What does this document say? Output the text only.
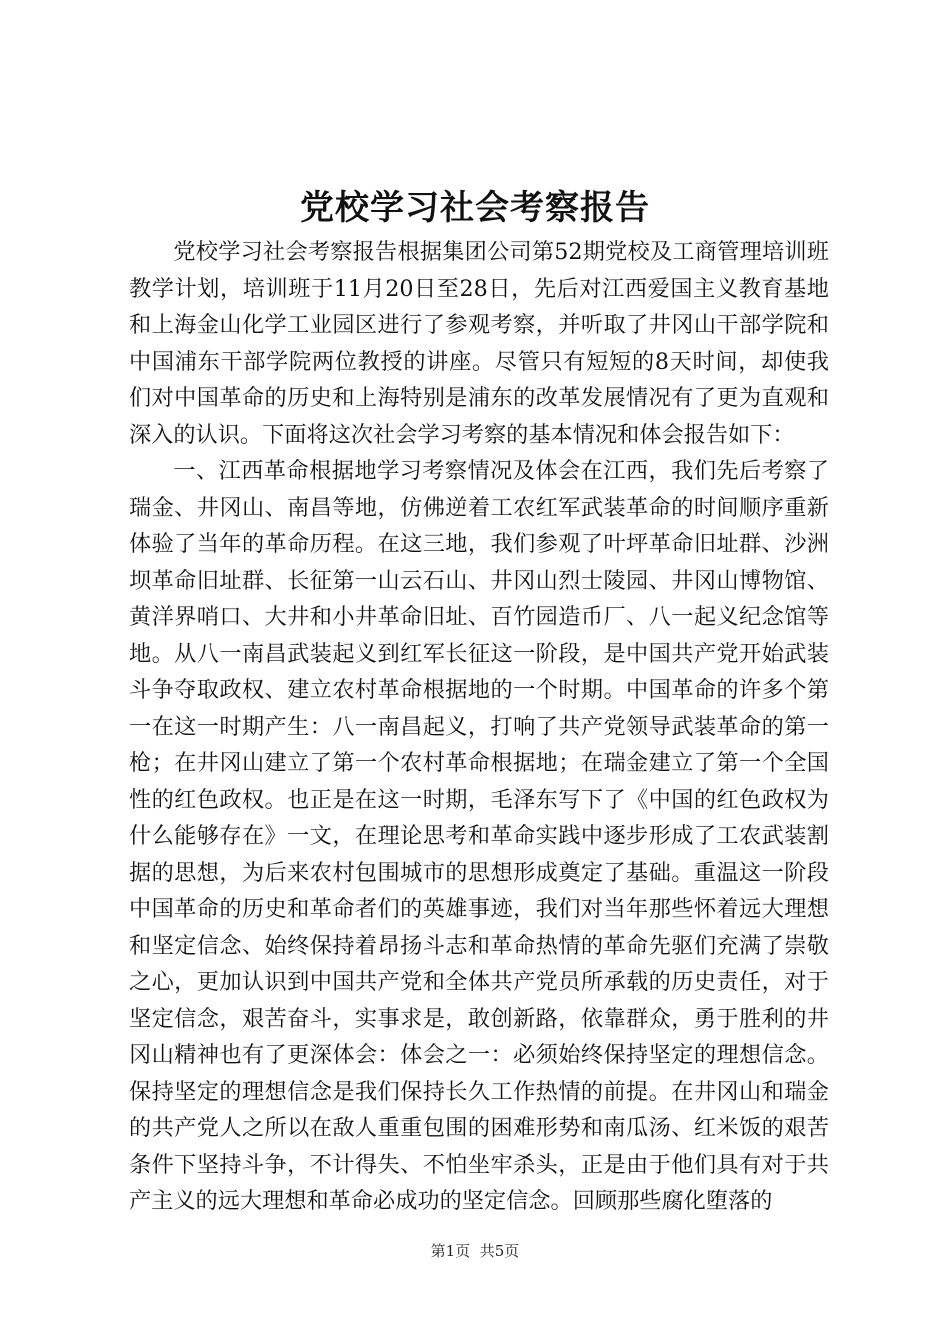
党校学习社会考察报告

党校学习社会考察报告根据集团公司第52期党校及工商管理培训班教学计划，培训班于11月20日至28日，先后对江西爱国主义教育基地和上海金山化学工业园区进行了参观考察，并听取了井冈山干部学院和中国浦东干部学院两位教授的讲座。尽管只有短短的8天时间，却使我们对中国革命的历史和上海特别是浦东的改革发展情况有了更为直观和深入的认识。下面将这次社会学习考察的基本情况和体会报告如下：

一、江西革命根据地学习考察情况及体会在江西，我们先后考察了瑞金、井冈山、南昌等地，仿佛逆着工农红军武装革命的时间顺序重新体验了当年的革命历程。在这三地，我们参观了叶坪革命旧址群、沙洲坝革命旧址群、长征第一山云石山、井冈山烈士陵园、井冈山博物馆、黄洋界哨口、大井和小井革命旧址、百竹园造币厂、八一起义纪念馆等地。从八一南昌武装起义到红军长征这一阶段，是中国共产党开始武装斗争夺取政权、建立农村革命根据地的一个时期。中国革命的许多个第一在这一时期产生：八一南昌起义，打响了共产党领导武装革命的第一枪；在井冈山建立了第一个农村革命根据地；在瑞金建立了第一个全国性的红色政权。也正是在这一时期，毛泽东写下了《中国的红色政权为什么能够存在》一文，在理论思考和革命实践中逐步形成了工农武装割据的思想，为后来农村包围城市的思想形成奠定了基础。重温这一阶段中国革命的历史和革命者们的英雄事迹，我们对当年那些怀着远大理想和坚定信念、始终保持着昂扬斗志和革命热情的革命先驱们充满了崇敬之心，更加认识到中国共产党和全体共产党员所承载的历史责任，对于坚定信念，艰苦奋斗，实事求是，敢创新路，依靠群众，勇于胜利的井冈山精神也有了更深体会：体会之一：必须始终保持坚定的理想信念。保持坚定的理想信念是我们保持长久工作热情的前提。在井冈山和瑞金的共产党人之所以在敌人重重包围的困难形势和南瓜汤、红米饭的艰苦条件下坚持斗争，不计得失、不怕坐牢杀头，正是由于他们具有对于共产主义的远大理想和革命必成功的坚定信念。回顾那些腐化堕落的

第1页 共5页
